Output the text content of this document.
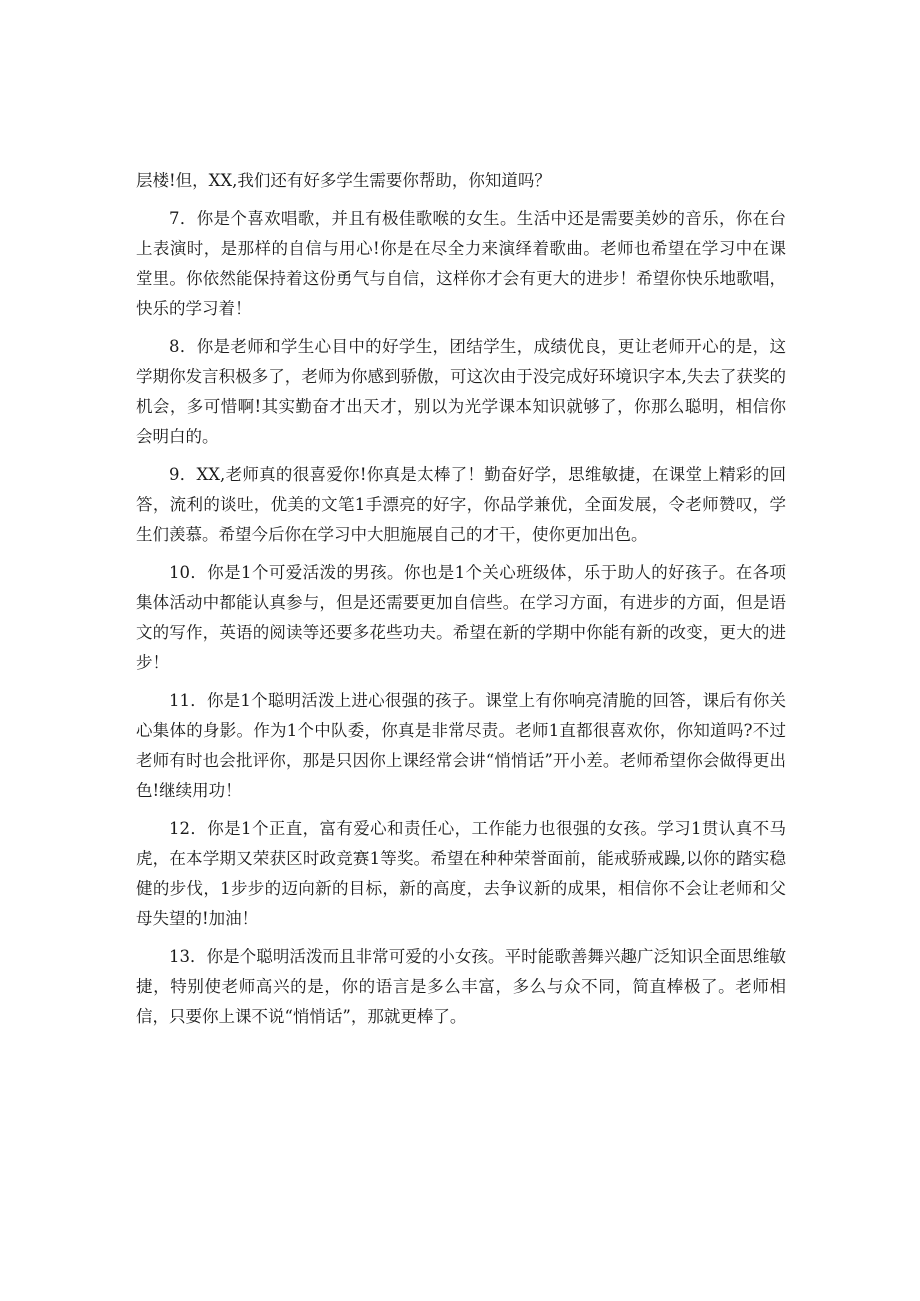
层楼!但，XX,我们还有好多学生需要你帮助，你知道吗？

7．你是个喜欢唱歌，并且有极佳歌喉的女生。生活中还是需要美妙的音乐，你在台上表演时，是那样的自信与用心!你是在尽全力来演绎着歌曲。老师也希望在学习中在课堂里。你依然能保持着这份勇气与自信，这样你才会有更大的进步！希望你快乐地歌唱，快乐的学习着！

8．你是老师和学生心目中的好学生，团结学生，成绩优良，更让老师开心的是，这学期你发言积极多了，老师为你感到骄傲，可这次由于没完成好环境识字本,失去了获奖的机会，多可惜啊!其实勤奋才出天才，别以为光学课本知识就够了，你那么聪明，相信你会明白的。

9．XX,老师真的很喜爱你!你真是太棒了！勤奋好学，思维敏捷，在课堂上精彩的回答，流利的谈吐，优美的文笔1手漂亮的好字，你品学兼优，全面发展，令老师赞叹，学生们羡慕。希望今后你在学习中大胆施展自己的才干，使你更加出色。

10．你是1个可爱活泼的男孩。你也是1个关心班级体，乐于助人的好孩子。在各项集体活动中都能认真参与，但是还需要更加自信些。在学习方面，有进步的方面，但是语文的写作，英语的阅读等还要多花些功夫。希望在新的学期中你能有新的改变，更大的进步！

11．你是1个聪明活泼上进心很强的孩子。课堂上有你响亮清脆的回答，课后有你关心集体的身影。作为1个中队委，你真是非常尽责。老师1直都很喜欢你，你知道吗?不过老师有时也会批评你，那是只因你上课经常会讲“悄悄话”开小差。老师希望你会做得更出色!继续用功！

12．你是1个正直，富有爱心和责任心，工作能力也很强的女孩。学习1贯认真不马虎，在本学期又荣获区时政竞赛1等奖。希望在种种荣誉面前，能戒骄戒躁,以你的踏实稳健的步伐，1步步的迈向新的目标，新的高度，去争议新的成果，相信你不会让老师和父母失望的!加油！

13．你是个聪明活泼而且非常可爱的小女孩。平时能歌善舞兴趣广泛知识全面思维敏捷，特别使老师高兴的是，你的语言是多么丰富，多么与众不同，简直棒极了。老师相信，只要你上课不说“悄悄话”，那就更棒了。
